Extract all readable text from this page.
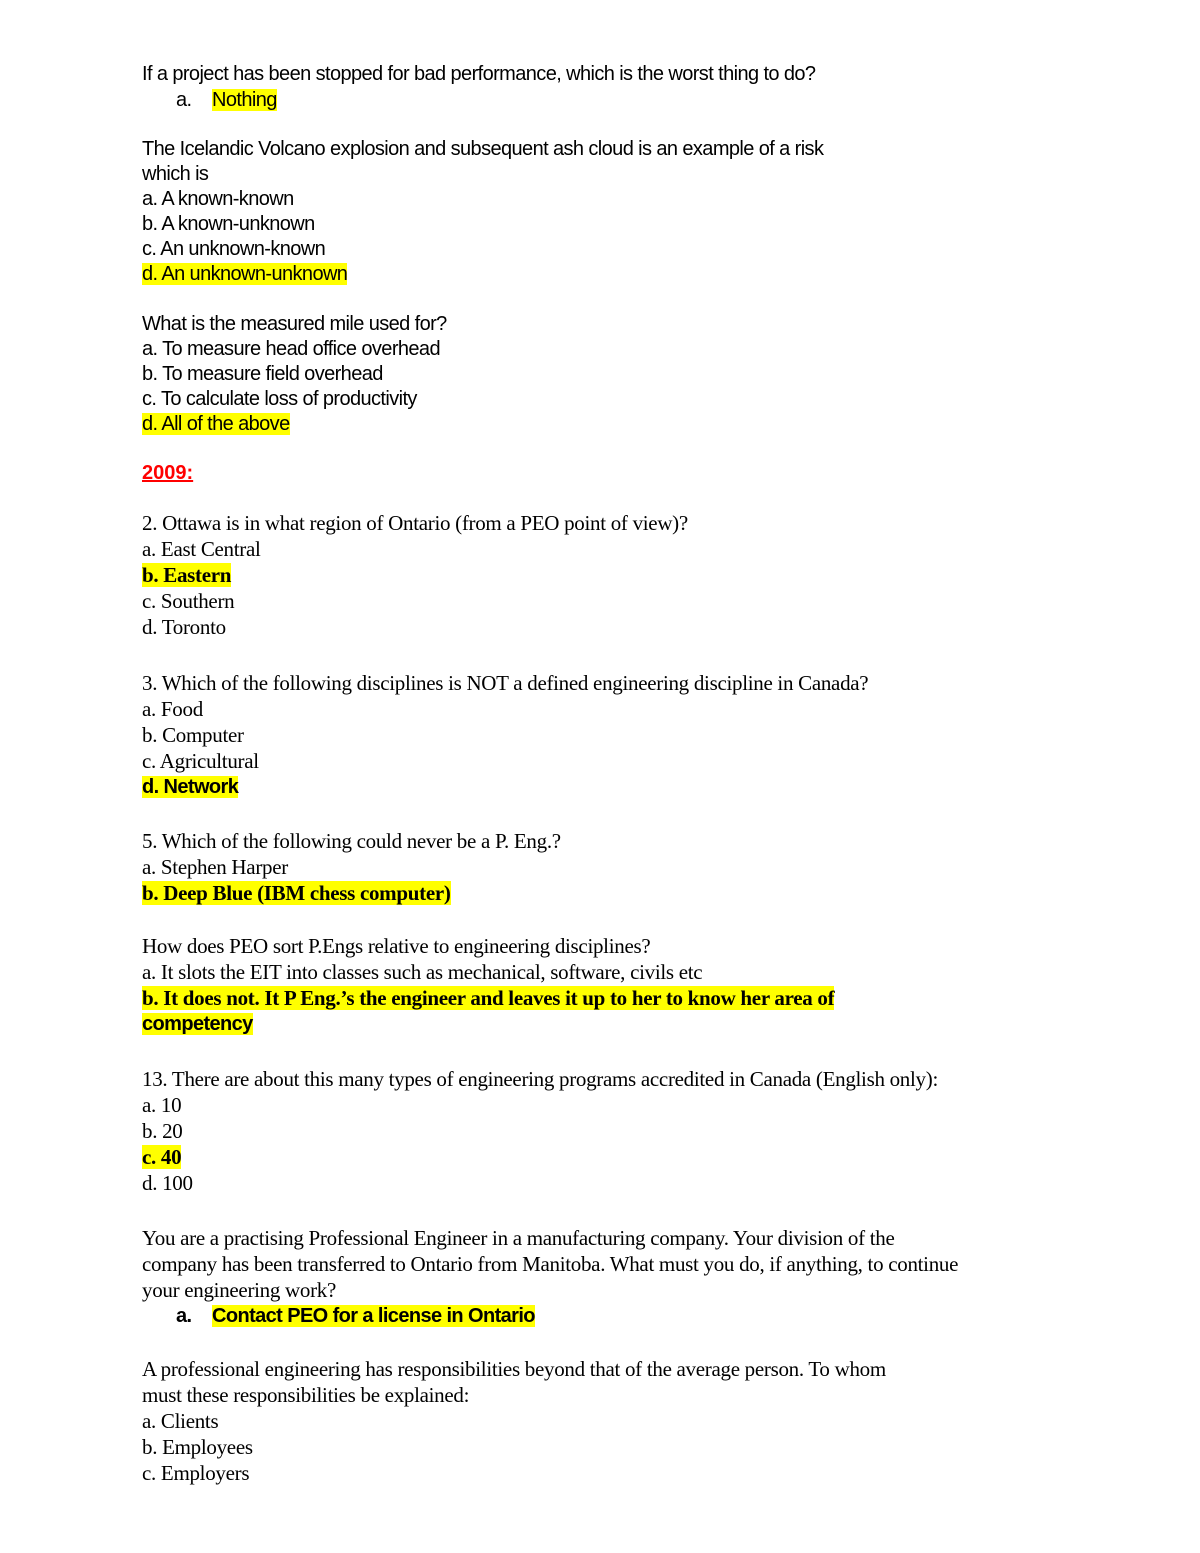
If a project has been stopped for bad performance, which is the worst thing to do?

a. Nothing

The Icelandic Volcano explosion and subsequent ash cloud is an example of a risk

which is

a. A known-known

b. A known-unknown

c. An unknown-known

d. An unknown-unknown

What is the measured mile used for?

a. To measure head office overhead

b. To measure field overhead

c. To calculate loss of productivity

d. All of the above

2009:

2. Ottawa is in what region of Ontario (from a PEO point of view)?

a. East Central

b. Eastern

c. Southern

d. Toronto

3. Which of the following disciplines is NOT a defined engineering discipline in Canada?

a. Food

b. Computer

c. Agricultural

d. Network

5. Which of the following could never be a P. Eng.?

a. Stephen Harper

b. Deep Blue (IBM chess computer)

How does PEO sort P.Engs relative to engineering disciplines?

a. It slots the EIT into classes such as mechanical, software, civils etc

b. It does not. It P Eng.’s the engineer and leaves it up to her to know her area of

competency

13. There are about this many types of engineering programs accredited in Canada (English only):

a. 10

b. 20

c. 40

d. 100

You are a practising Professional Engineer in a manufacturing company. Your division of the

company has been transferred to Ontario from Manitoba. What must you do, if anything, to continue

your engineering work?

a. Contact PEO for a license in Ontario

A professional engineering has responsibilities beyond that of the average person. To whom

must these responsibilities be explained:

a. Clients

b. Employees

c. Employers
